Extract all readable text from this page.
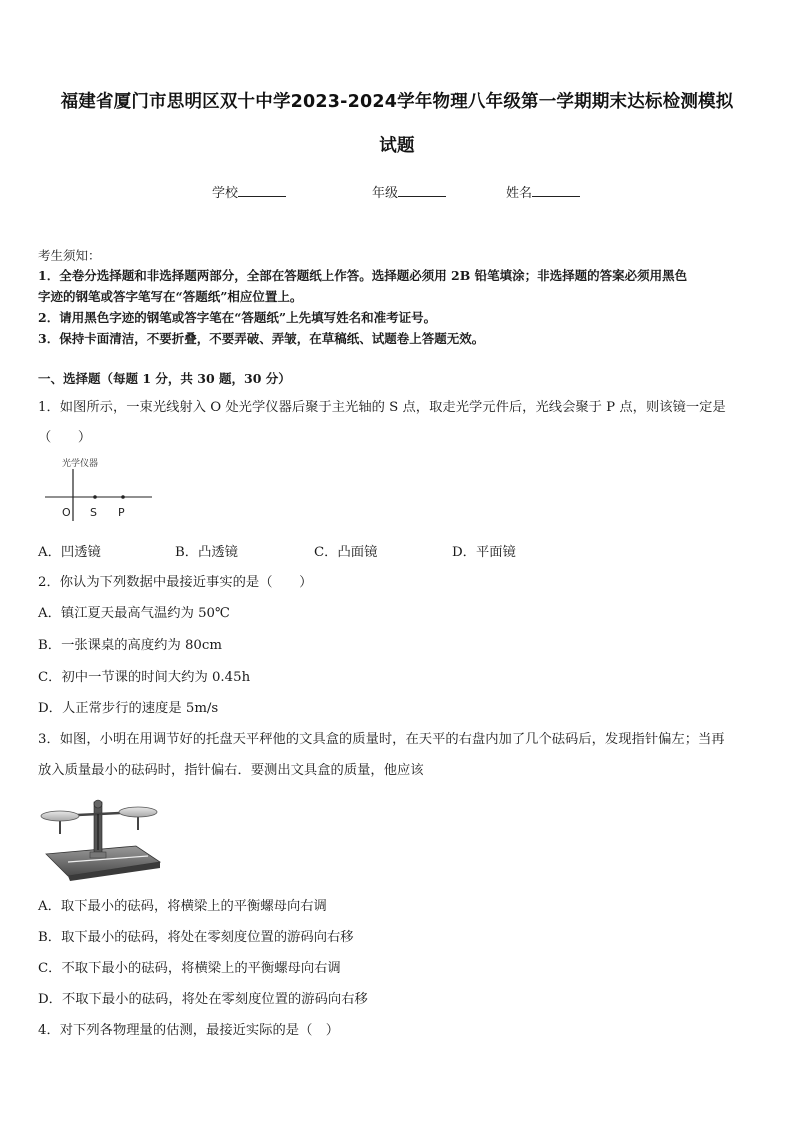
福建省厦门市思明区双十中学2023-2024学年物理八年级第一学期期末达标检测模拟
试题
学校	年级	姓名
考生须知：
1．全卷分选择题和非选择题两部分，全部在答题纸上作答。选择题必须用 2B 铅笔填涂；非选择题的答案必须用黑色
字迹的钢笔或答字笔写在“答题纸”相应位置上。
2．请用黑色字迹的钢笔或答字笔在“答题纸”上先填写姓名和准考证号。
3．保持卡面清洁，不要折叠，不要弄破、弄皱，在草稿纸、试题卷上答题无效。
一、选择题（每题 1 分，共 30 题，30 分）
1．如图所示，一束光线射入 O 处光学仪器后聚于主光轴的 S 点，取走光学元件后，光线会聚于 P 点，则该镜一定是
（　　）
光学仪器
O S P
A．凹透镜	B．凸透镜	C．凸面镜	D．平面镜
2．你认为下列数据中最接近事实的是（　　）
A．镇江夏天最高气温约为 50℃
B．一张课桌的高度约为 80cm
C．初中一节课的时间大约为 0.45h
D．人正常步行的速度是 5m/s
3．如图，小明在用调节好的托盘天平秤他的文具盒的质量时，在天平的右盘内加了几个砝码后，发现指针偏左；当再
放入质量最小的砝码时，指针偏右．要测出文具盒的质量，他应该
A．取下最小的砝码，将横梁上的平衡螺母向右调
B．取下最小的砝码，将处在零刻度位置的游码向右移
C．不取下最小的砝码，将横梁上的平衡螺母向右调
D．不取下最小的砝码，将处在零刻度位置的游码向右移
4．对下列各物理量的估测，最接近实际的是（　）
